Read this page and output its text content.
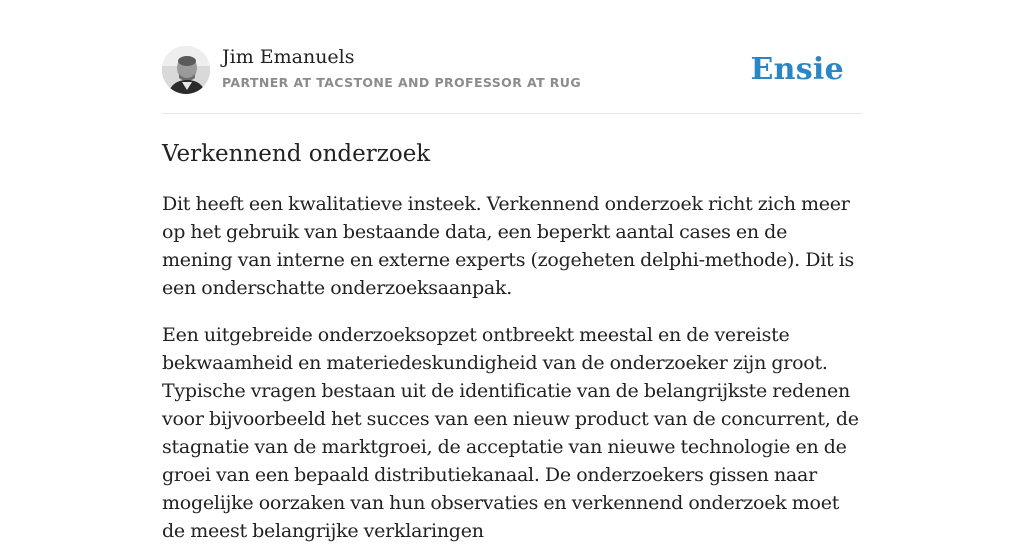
Jim Emanuels
PARTNER AT TACSTONE AND PROFESSOR AT RUG	Ensie
Verkennend onderzoek

Dit heeft een kwalitatieve insteek. Verkennend onderzoek richt zich meer op het gebruik van bestaande data, een beperkt aantal cases en de mening van interne en externe experts (zogeheten delphi-methode). Dit is een onderschatte onderzoeksaanpak.

Een uitgebreide onderzoeksopzet ontbreekt meestal en de vereiste bekwaamheid en materiedeskundigheid van de onderzoeker zijn groot. Typische vragen bestaan uit de identificatie van de belangrijkste redenen voor bijvoorbeeld het succes van een nieuw product van de concurrent, de stagnatie van de marktgroei, de acceptatie van nieuwe technologie en de groei van een bepaald distributiekanaal. De onderzoekers gissen naar mogelijke oorzaken van hun observaties en verkennend onderzoek moet de meest belangrijke verklaringen
